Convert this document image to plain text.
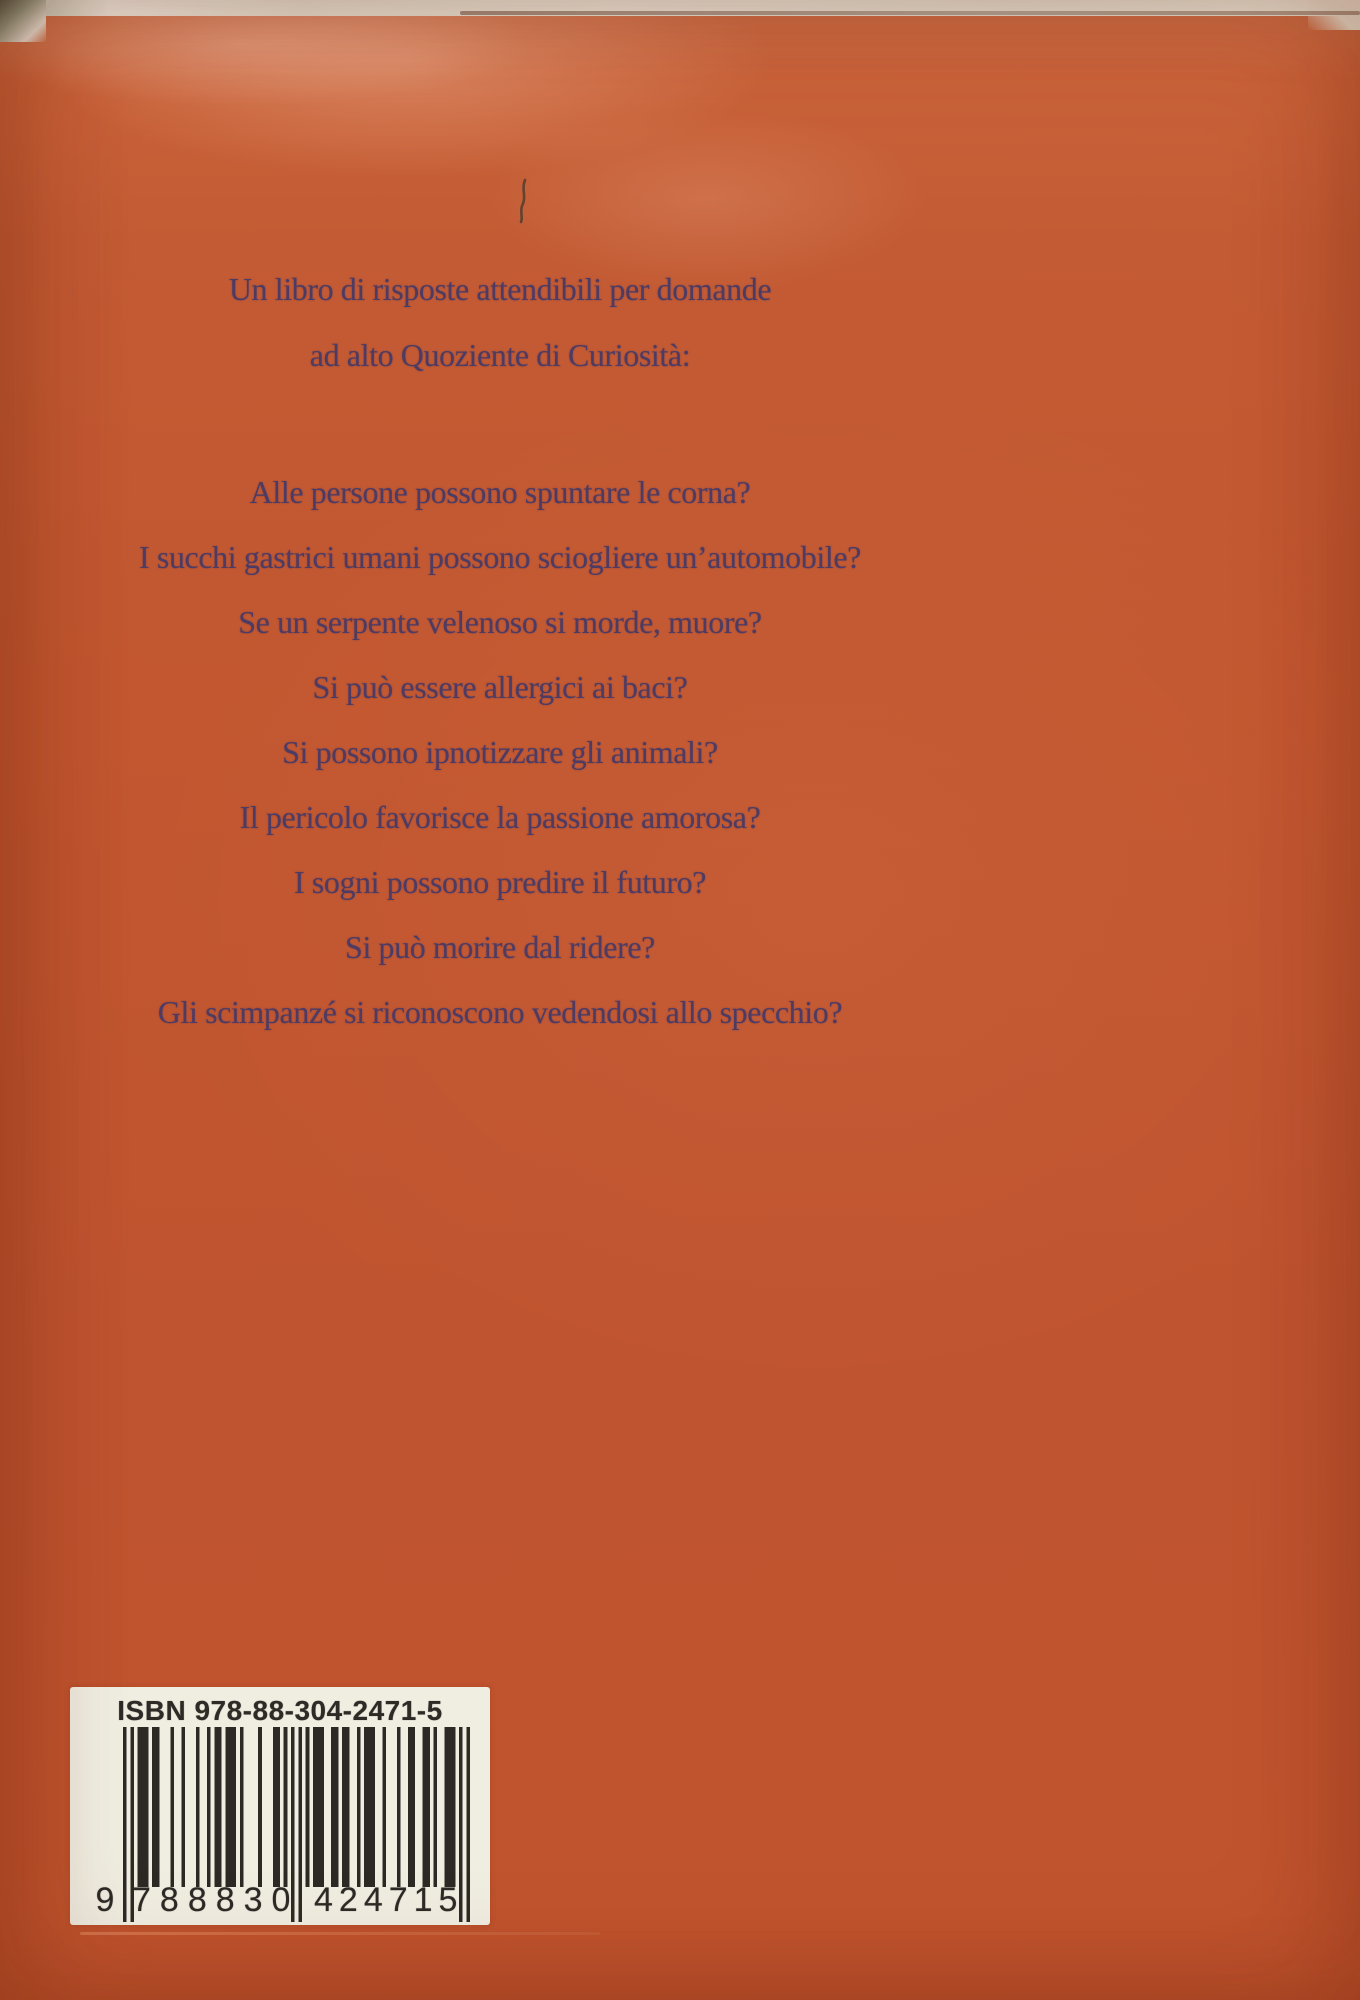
Un libro di risposte attendibili per domande
ad alto Quoziente di Curiosità:
Alle persone possono spuntare le corna?
I succhi gastrici umani possono sciogliere un’automobile?
Se un serpente velenoso si morde, muore?
Si può essere allergici ai baci?
Si possono ipnotizzare gli animali?
Il pericolo favorisce la passione amorosa?
I sogni possono predire il futuro?
Si può morire dal ridere?
Gli scimpanzé si riconoscono vedendosi allo specchio?
ISBN 978-88-304-2471-5
9 788830 424715
